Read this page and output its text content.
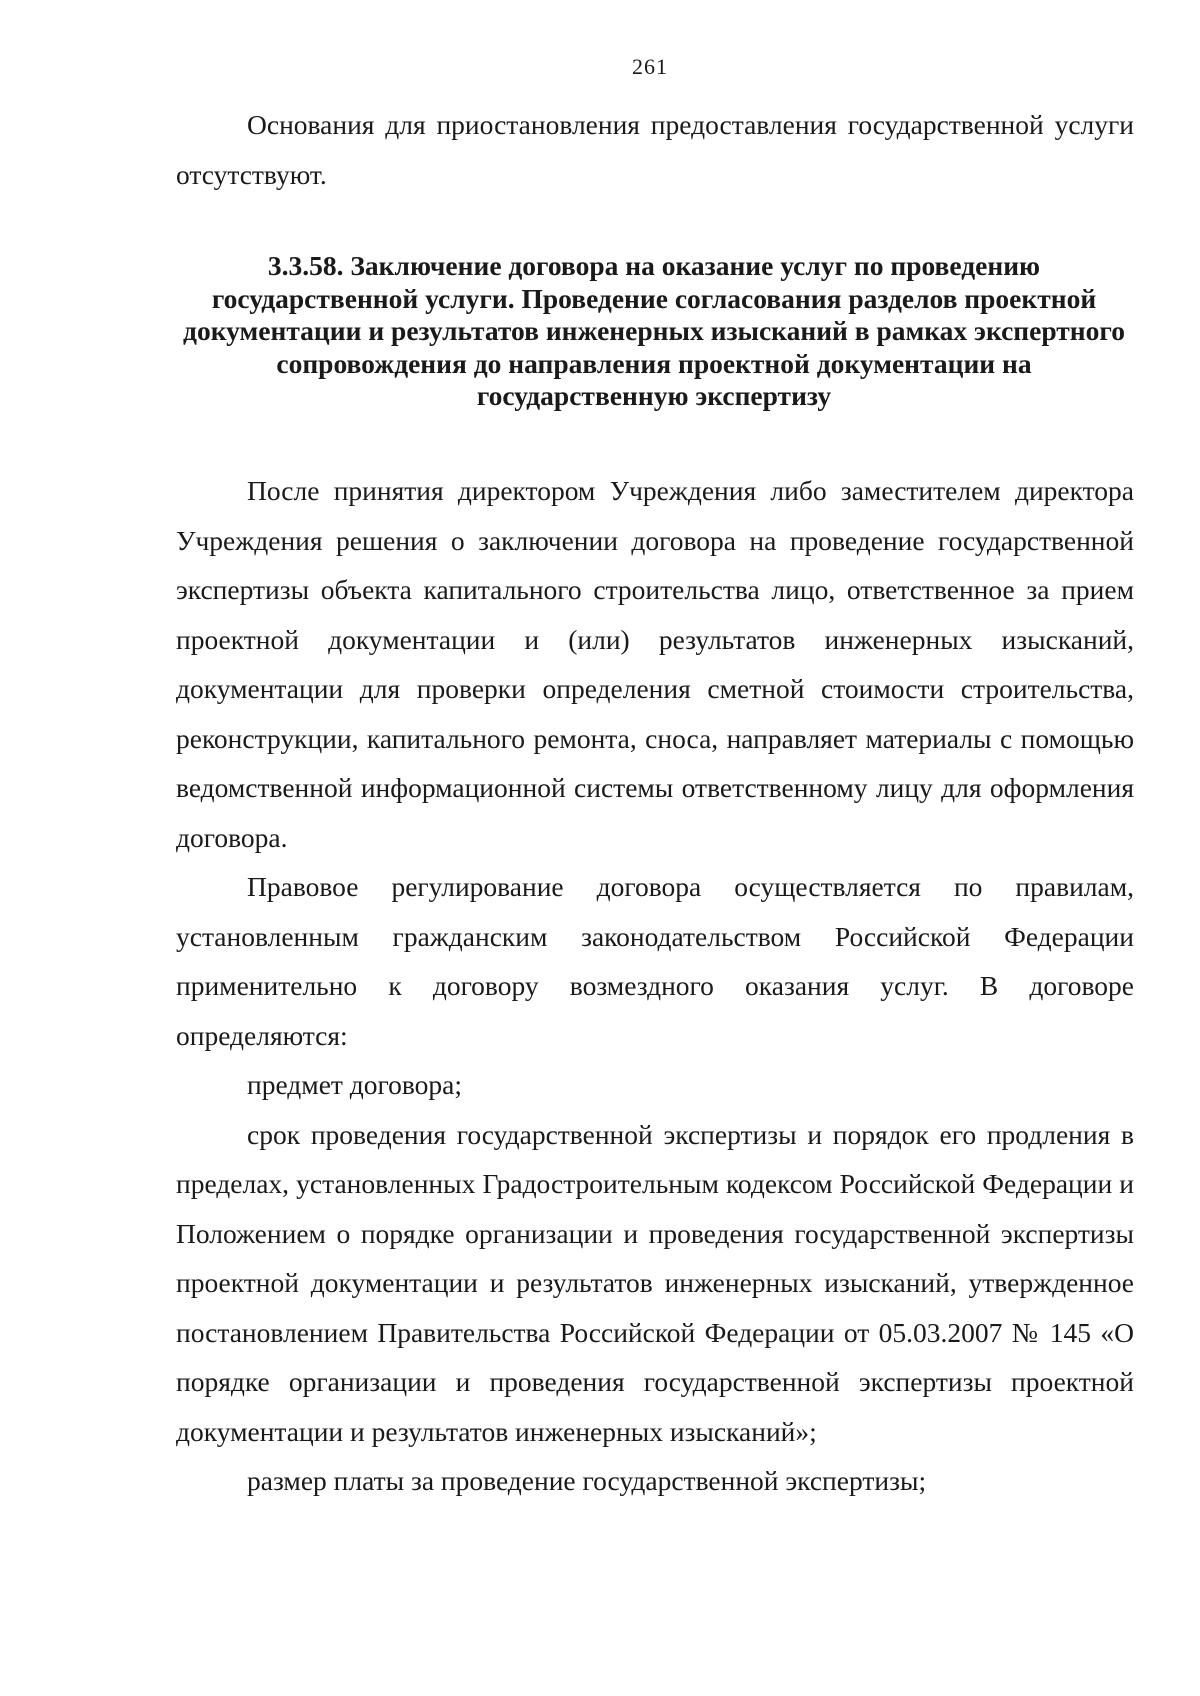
261

Основания для приостановления предоставления государственной услуги отсутствуют.

3.3.58. Заключение договора на оказание услуг по проведению государственной услуги. Проведение согласования разделов проектной документации и результатов инженерных изысканий в рамках экспертного сопровождения до направления проектной документации на государственную экспертизу

После принятия директором Учреждения либо заместителем директора Учреждения решения о заключении договора на проведение государственной экспертизы объекта капитального строительства лицо, ответственное за прием проектной документации и (или) результатов инженерных изысканий, документации для проверки определения сметной стоимости строительства, реконструкции, капитального ремонта, сноса, направляет материалы с помощью ведомственной информационной системы ответственному лицу для оформления договора.

Правовое регулирование договора осуществляется по правилам, установленным гражданским законодательством Российской Федерации применительно к договору возмездного оказания услуг. В договоре определяются:

предмет договора;

срок проведения государственной экспертизы и порядок его продления в пределах, установленных Градостроительным кодексом Российской Федерации и Положением о порядке организации и проведения государственной экспертизы проектной документации и результатов инженерных изысканий, утвержденное постановлением Правительства Российской Федерации от 05.03.2007 № 145 «О порядке организации и проведения государственной экспертизы проектной документации и результатов инженерных изысканий»;

размер платы за проведение государственной экспертизы;
